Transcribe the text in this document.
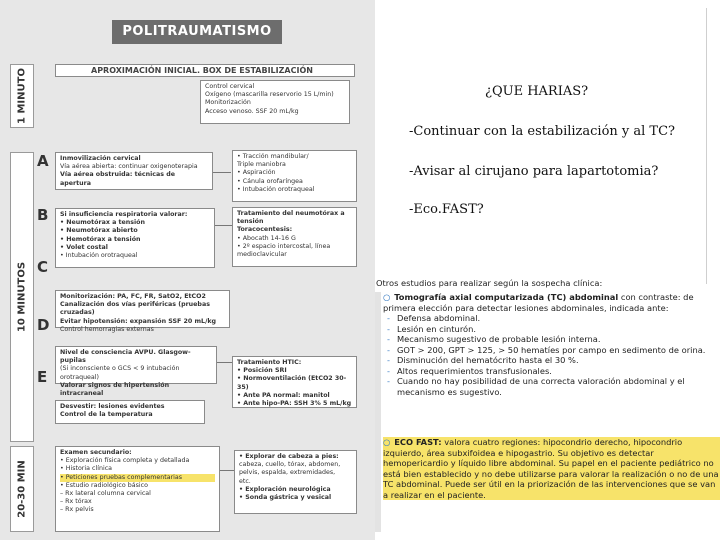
POLITRAUMATISMO
1 MINUTO
10 MINUTOS
20-30 MIN
APROXIMACIÓN INICIAL. BOX DE ESTABILIZACIÓN
Control cervical
Oxígeno (mascarilla reservorio 15 L/min)
Monitorización
Acceso venoso. SSF 20 mL/kg
A Inmovilización cervical
Vía aérea abierta: continuar oxigenoterapia
Vía aérea obstruida: técnicas de apertura
• Tracción mandibular/
Triple maniobra
• Aspiración
• Cánula orofaríngea
• Intubación orotraqueal
B Si insuficiencia respiratoria valorar:
• Neumotórax a tensión
• Neumotórax abierto
• Hemotórax a tensión
• Volet costal
• Intubación orotraqueal
Tratamiento del neumotórax a
tensión
Toracocentesis:
• Abocath 14-16 G
• 2º espacio intercostal, línea
medioclavicular
C
Monitorización: PA, FC, FR, SatO2, EtCO2
Canalización dos vías periféricas (pruebas cruzadas)
Evitar hipotensión: expansión SSF 20 mL/kg
Control hemorragias externas
D
Nivel de consciencia AVPU. Glasgow-pupilas
(Si inconsciente o GCS < 9 intubación orotraqueal)
Valorar signos de hipertensión intracraneal
Tratamiento HTIC:
• Posición SRI
• Normoventilación (EtCO2 30-35)
• Ante PA normal: manitol
• Ante hipo-PA: SSH 3% 5 mL/kg
E
Desvestir: lesiones evidentes
Control de la temperatura
Examen secundario:
• Exploración física completa y detallada
• Historia clínica
• Peticiones pruebas complementarias
• Estudio radiológico básico
– Rx lateral columna cervical
– Rx tórax
– Rx pelvis
• Explorar de cabeza a pies:
cabeza, cuello, tórax, abdomen,
pelvis, espalda, extremidades,
etc.
• Exploración neurológica
• Sonda gástrica y vesical
¿QUE HARIAS?
-Continuar con la estabilización y al TC?
-Avisar al cirujano para lapartotomia?
-Eco.FAST?
Otros estudios para realizar según la sospecha clínica:
○ Tomografía axial computarizada (TC) abdominal con contraste: de primera elección para detectar lesiones abdominales, indicada ante:
- Defensa abdominal.
- Lesión en cinturón.
- Mecanismo sugestivo de probable lesión interna.
- GOT > 200, GPT > 125, > 50 hematíes por campo en sedimento de orina.
- Disminución del hematócrito hasta el 30 %.
- Altos requerimientos transfusionales.
- Cuando no hay posibilidad de una correcta valoración abdominal y el mecanismo es sugestivo.
○ ECO FAST: valora cuatro regiones: hipocondrio derecho, hipocondrio izquierdo, área subxifoidea e hipogastrio. Su objetivo es detectar hemopericardio y líquido libre abdominal. Su papel en el paciente pediátrico no está bien establecido y no debe utilizarse para valorar la realización o no de una TC abdominal. Puede ser útil en la priorización de las intervenciones que se van a realizar en el paciente.
